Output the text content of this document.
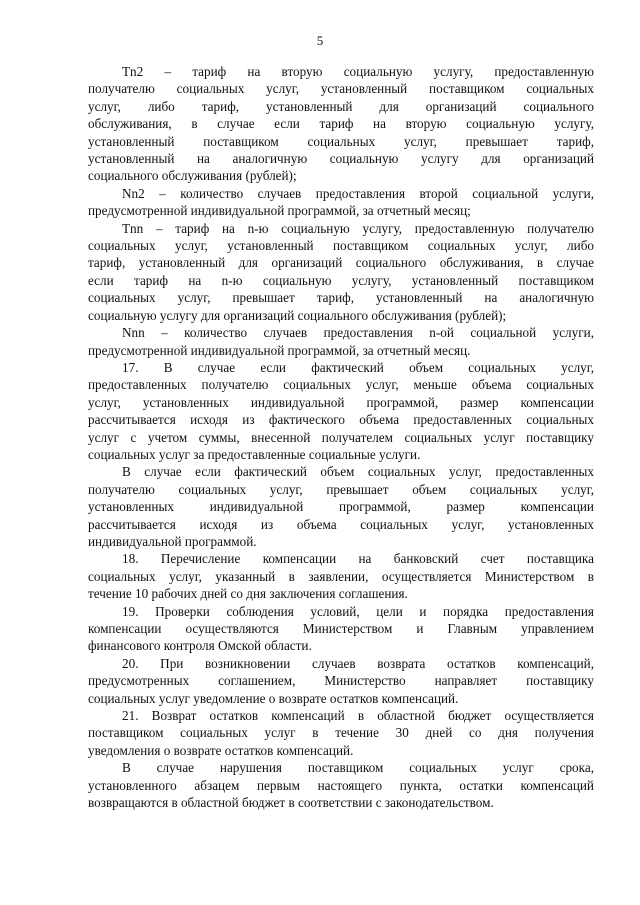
5
Tn2 – тариф на вторую социальную услугу, предоставленную
получателю социальных услуг, установленный поставщиком социальных
услуг, либо тариф, установленный для организаций социального
обслуживания, в случае если тариф на вторую социальную услугу,
установленный поставщиком социальных услуг, превышает тариф,
установленный на аналогичную социальную услугу для организаций
социального обслуживания (рублей);
Nn2 – количество случаев предоставления второй социальной услуги,
предусмотренной индивидуальной программой, за отчетный месяц;
Tnn – тариф на n-ю социальную услугу, предоставленную получателю
социальных услуг, установленный поставщиком социальных услуг, либо
тариф, установленный для организаций социального обслуживания, в случае
если тариф на n-ю социальную услугу, установленный поставщиком
социальных услуг, превышает тариф, установленный на аналогичную
социальную услугу для организаций социального обслуживания (рублей);
Nnn – количество случаев предоставления n-ой социальной услуги,
предусмотренной индивидуальной программой, за отчетный месяц.
17. В случае если фактический объем социальных услуг,
предоставленных получателю социальных услуг, меньше объема социальных
услуг, установленных индивидуальной программой, размер компенсации
рассчитывается исходя из фактического объема предоставленных социальных
услуг с учетом суммы, внесенной получателем социальных услуг поставщику
социальных услуг за предоставленные социальные услуги.
В случае если фактический объем социальных услуг, предоставленных
получателю социальных услуг, превышает объем социальных услуг,
установленных индивидуальной программой, размер компенсации
рассчитывается исходя из объема социальных услуг, установленных
индивидуальной программой.
18. Перечисление компенсации на банковский счет поставщика
социальных услуг, указанный в заявлении, осуществляется Министерством в
течение 10 рабочих дней со дня заключения соглашения.
19. Проверки соблюдения условий, цели и порядка предоставления
компенсации осуществляются Министерством и Главным управлением
финансового контроля Омской области.
20. При возникновении случаев возврата остатков компенсаций,
предусмотренных соглашением, Министерство направляет поставщику
социальных услуг уведомление о возврате остатков компенсаций.
21. Возврат остатков компенсаций в областной бюджет осуществляется
поставщиком социальных услуг в течение 30 дней со дня получения
уведомления о возврате остатков компенсаций.
В случае нарушения поставщиком социальных услуг срока,
установленного абзацем первым настоящего пункта, остатки компенсаций
возвращаются в областной бюджет в соответствии с законодательством.
